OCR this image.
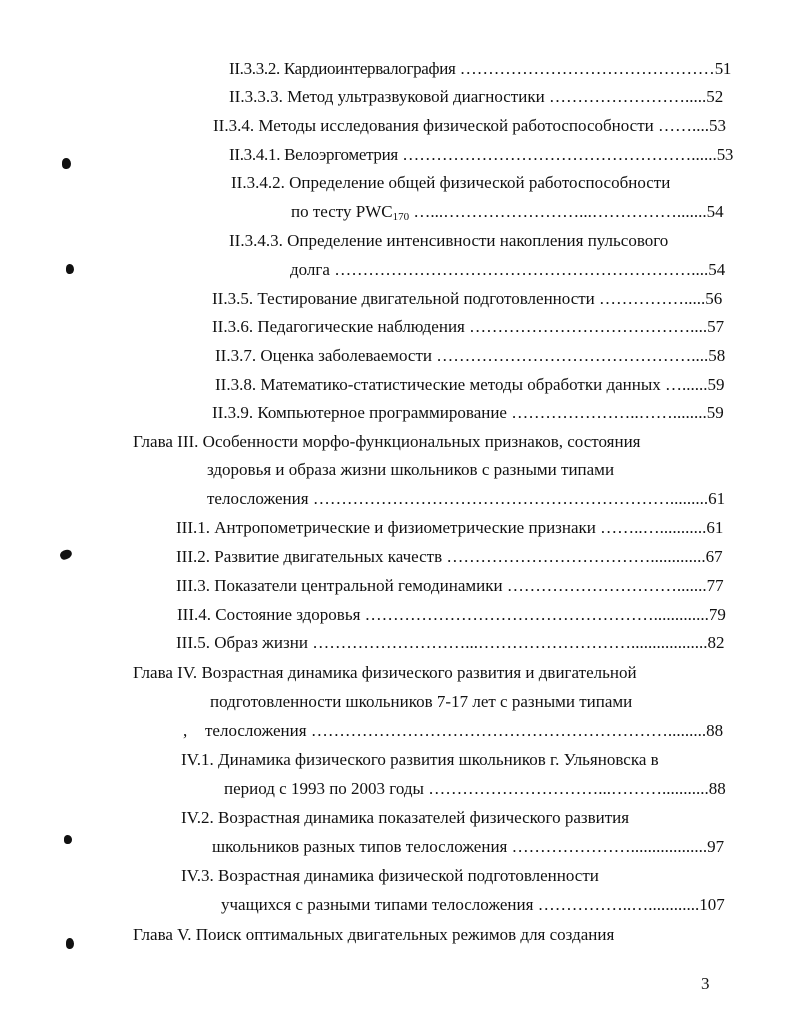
II.3.3.2. Кардиоинтервалография ………………………………………51
II.3.3.3. Метод ультразвуковой диагностики …………………….....52
II.3.4. Методы исследования физической работоспособности ……....53
II.3.4.1. Велоэргометрия ……………………………………………......53
II.3.4.2. Определение общей физической работоспособности
по тесту $PWC_{170}$ …...……………………...…………….......54
II.3.4.3. Определение интенсивности накопления пульсового
долга ………………………………………………………....54
II.3.5. Тестирование двигательной подготовленности …………….....56
II.3.6. Педагогические наблюдения …………………………………....57
II.3.7. Оценка заболеваемости ………………………………………....58
II.3.8. Математико-статистические методы обработки данных …......59
II.3.9. Компьютерное программирование …………………..……........59
Глава III. Особенности морфо-функциональных признаков, состояния
здоровья и образа жизни школьников с разными типами
телосложения ……………………………………………………….........61
III.1. Антропометрические и физиометрические признаки ……..…...........61
III.2. Развитие двигательных качеств ……………………………….............67
III.3. Показатели центральной гемодинамики ………………………….......77
III.4. Состояние здоровья …………………………………………….............79
III.5. Образ жизни ………………………...………………………..................82
Глава IV. Возрастная динамика физического развития и двигательной
подготовленности школьников 7-17 лет с разными типами
, телосложения ……………………………………………………….........88
IV.1. Динамика физического развития школьников г. Ульяновска в
период с 1993 по 2003 годы …………………………...………...........88
IV.2. Возрастная динамика показателей физического развития
школьников разных типов телосложения …………………..................97
IV.3. Возрастная динамика физической подготовленности
учащихся с разными типами телосложения ……………..…............107
Глава V. Поиск оптимальных двигательных режимов для создания
3
